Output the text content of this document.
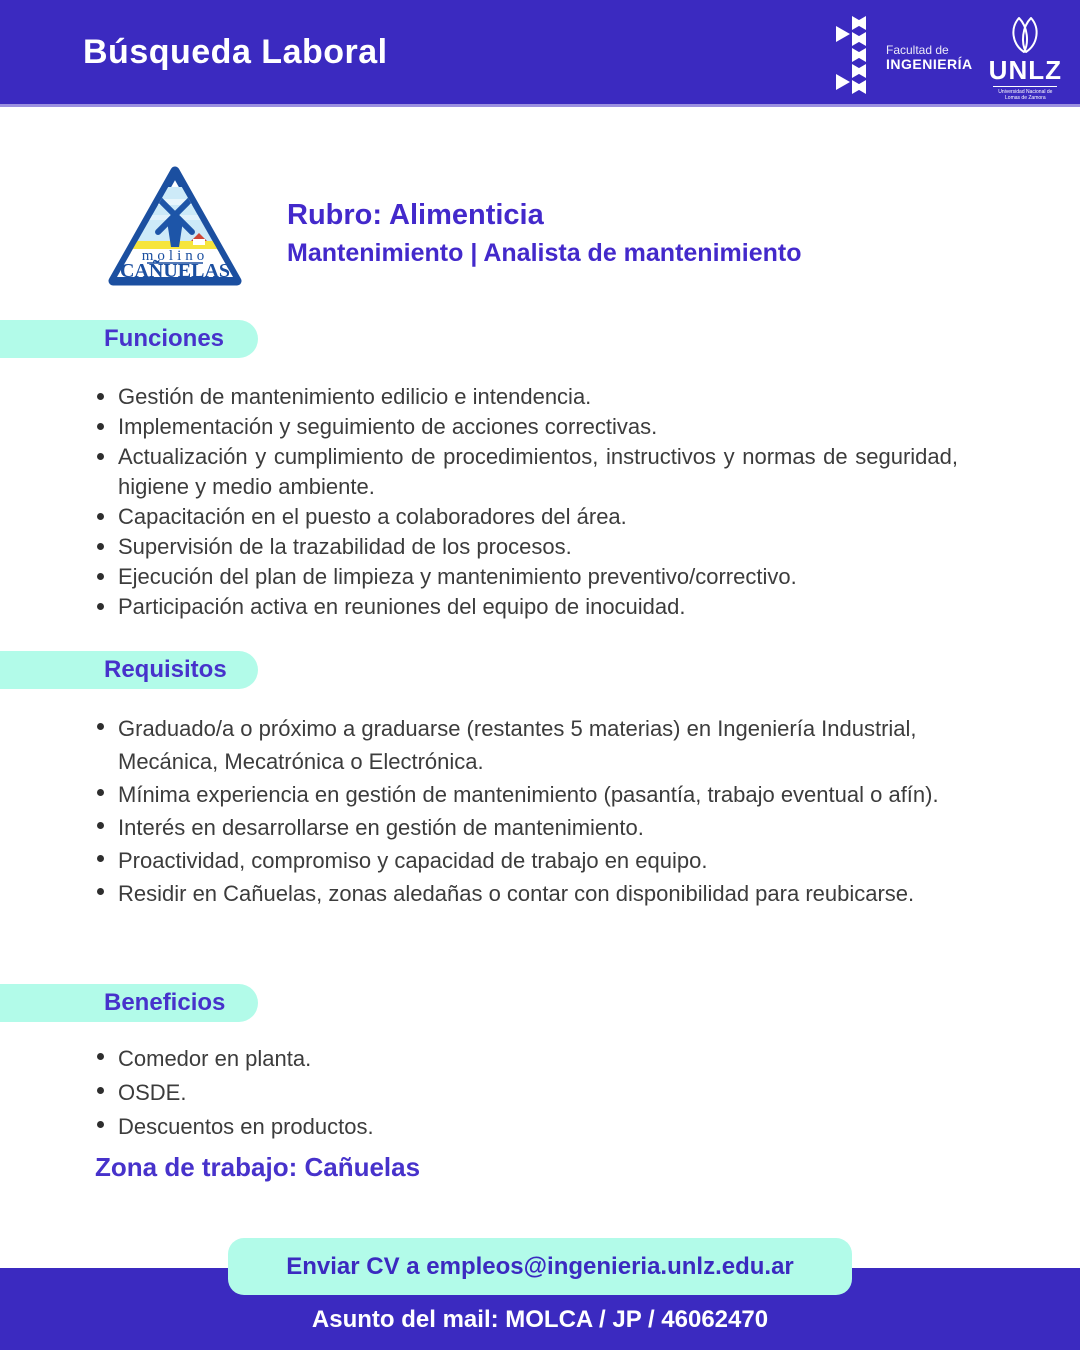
Búsqueda Laboral	Facultad de
INGENIERÍA UNLZ
Universidad Nacional de Lomas de Zamora
molino
CAÑUELAS
Rubro: Alimenticia
Mantenimiento | Analista de mantenimiento
Funciones
Gestión de mantenimiento edilicio e intendencia.
Implementación y seguimiento de acciones correctivas.
Actualización y cumplimiento de procedimientos, instructivos y normas de seguridad, higiene y medio ambiente.
Capacitación en el puesto a colaboradores del área.
Supervisión de la trazabilidad de los procesos.
Ejecución del plan de limpieza y mantenimiento preventivo/correctivo.
Participación activa en reuniones del equipo de inocuidad.
Requisitos
Graduado/a o próximo a graduarse (restantes 5 materias) en Ingeniería Industrial, Mecánica, Mecatrónica o Electrónica.
Mínima experiencia en gestión de mantenimiento (pasantía, trabajo eventual o afín).
Interés en desarrollarse en gestión de mantenimiento.
Proactividad, compromiso y capacidad de trabajo en equipo.
Residir en Cañuelas, zonas aledañas o contar con disponibilidad para reubicarse.
Beneficios
Comedor en planta.
OSDE.
Descuentos en productos.
Zona de trabajo: Cañuelas
Enviar CV a empleos@ingenieria.unlz.edu.ar
Asunto del mail: MOLCA / JP / 46062470
